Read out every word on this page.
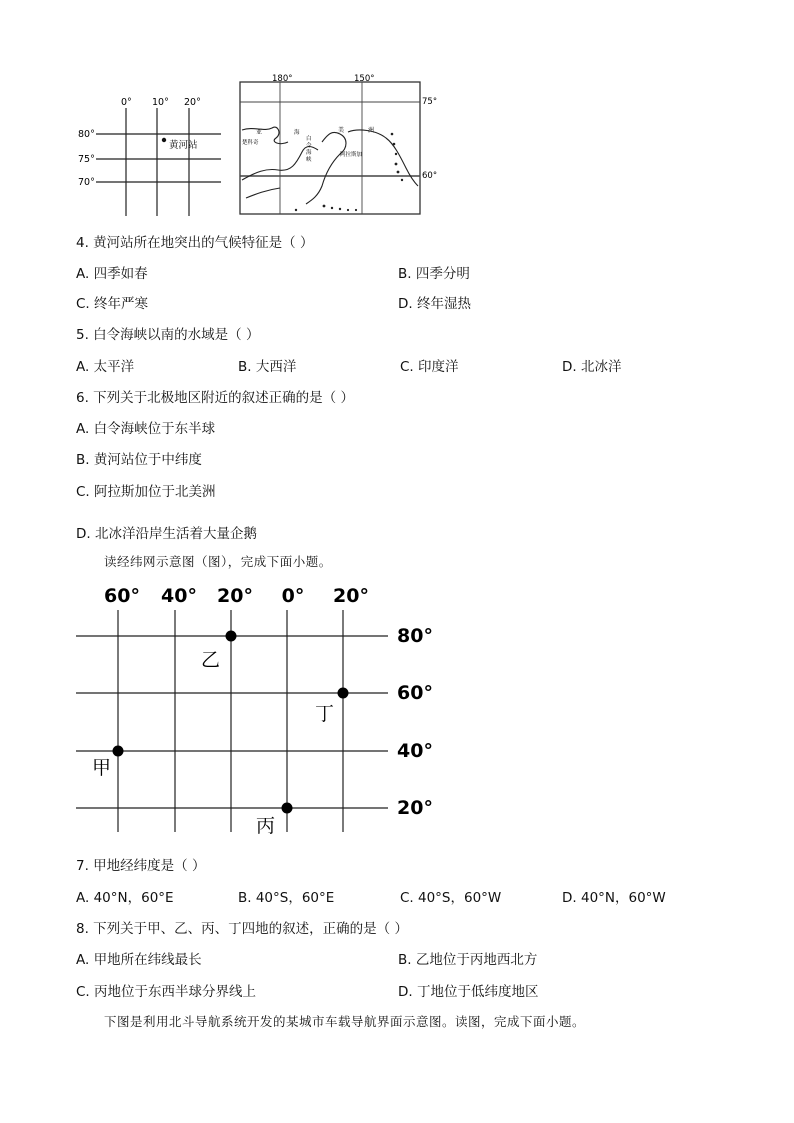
0° 10° 20°
80°
75°
70°
黄河站
180°	150°
75°
60°
亚	美	洲
阿拉斯加
楚科奇
海
白
令
海
峡
4. 黄河站所在地突出的气候特征是（ ）
A. 四季如春	B. 四季分明
C. 终年严寒	D. 终年湿热
5. 白令海峡以南的水域是（ ）
A. 太平洋	B. 大西洋	C. 印度洋	D. 北冰洋
6. 下列关于北极地区附近的叙述正确的是（ ）
A. 白令海峡位于东半球
B. 黄河站位于中纬度
C. 阿拉斯加位于北美洲
D. 北冰洋沿岸生活着大量企鹅
读经纬网示意图（图），完成下面小题。
60° 40° 20° 0° 20°
80°
60°
40°
20°
甲
乙
丙
丁
7. 甲地经纬度是（ ）
A. 40°N，60°E	B. 40°S，60°E	C. 40°S，60°W	D. 40°N，60°W
8. 下列关于甲、乙、丙、丁四地的叙述，正确的是（ ）
A. 甲地所在纬线最长	B. 乙地位于丙地西北方
C. 丙地位于东西半球分界线上	D. 丁地位于低纬度地区
下图是利用北斗导航系统开发的某城市车载导航界面示意图。读图，完成下面小题。
